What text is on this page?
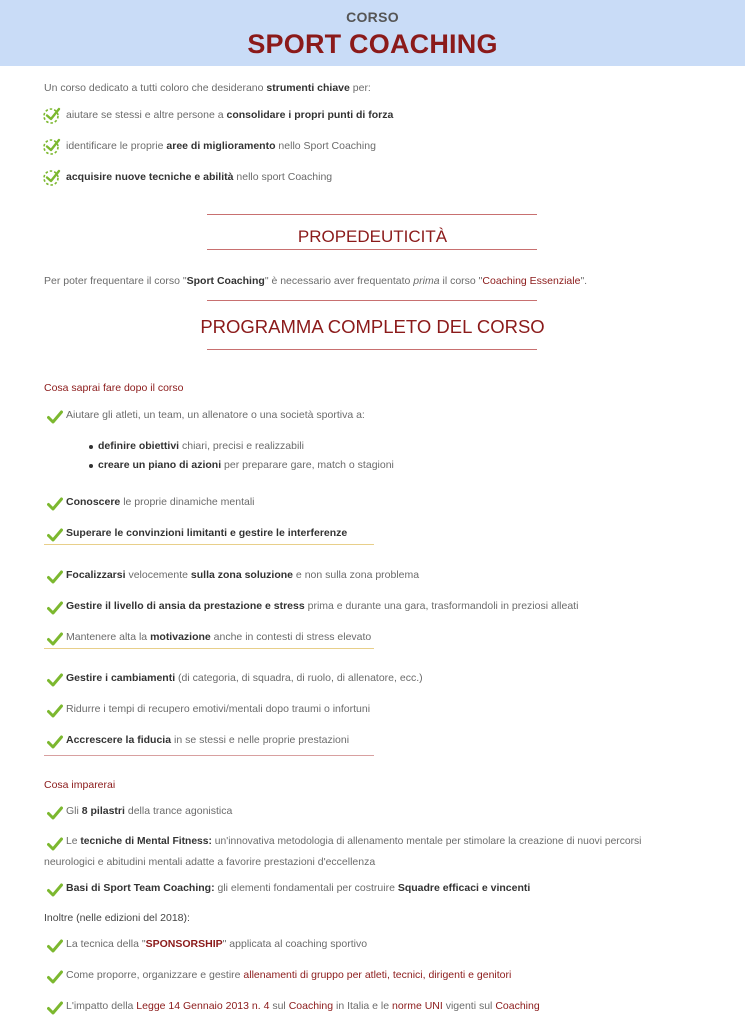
CORSO
SPORT COACHING
Un corso dedicato a tutti coloro che desiderano strumenti chiave per:
aiutare se stessi e altre persone a consolidare i propri punti di forza
identificare le proprie aree di miglioramento nello Sport Coaching
acquisire nuove tecniche e abilità nello sport Coaching
PROPEDEUTICITÀ
Per poter frequentare il corso "Sport Coaching" è necessario aver frequentato prima il corso "Coaching Essenziale".
PROGRAMMA COMPLETO DEL CORSO
Cosa saprai fare dopo il corso
Aiutare gli atleti, un team, un allenatore o una società sportiva a:
definire obiettivi chiari, precisi e realizzabili
creare un piano di azioni per preparare gare, match o stagioni
Conoscere le proprie dinamiche mentali
Superare le convinzioni limitanti e gestire le interferenze
Focalizzarsi velocemente sulla zona soluzione e non sulla zona problema
Gestire il livello di ansia da prestazione e stress prima e durante una gara, trasformandoli in preziosi alleati
Mantenere alta la motivazione anche in contesti di stress elevato
Gestire i cambiamenti (di categoria, di squadra, di ruolo, di allenatore, ecc.)
Ridurre i tempi di recupero emotivi/mentali dopo traumi o infortuni
Accrescere la fiducia in se stessi e nelle proprie prestazioni
Cosa imparerai
Gli 8 pilastri della trance agonistica
Le tecniche di Mental Fitness: un'innovativa metodologia di allenamento mentale per stimolare la creazione di nuovi percorsi
neurologici e abitudini mentali adatte a favorire prestazioni d'eccellenza
Basi di Sport Team Coaching: gli elementi fondamentali per costruire Squadre efficaci e vincenti
Inoltre (nelle edizioni del 2018):
La tecnica della "SPONSORSHIP" applicata al coaching sportivo
Come proporre, organizzare e gestire allenamenti di gruppo per atleti, tecnici, dirigenti e genitori
L'impatto della Legge 14 Gennaio 2013 n. 4 sul Coaching in Italia e le norme UNI vigenti sul Coaching
